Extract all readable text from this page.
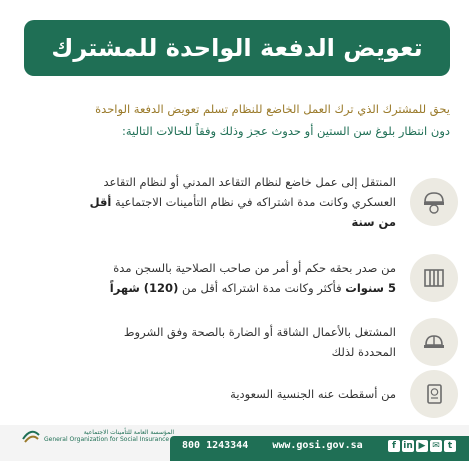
تعويض الدفعة الواحدة للمشترك
يحق للمشترك الذي ترك العمل الخاضع للنظام تسلم تعويض الدفعة الواحدة
دون انتظار بلوغ سن الستين أو حدوث عجز وذلك وفقاً للحالات التالية:
المنتقل إلى عمل خاضع لنظام التقاعد المدني أو لنظام التقاعد
العسكري وكانت مدة اشتراكه في نظام التأمينات الاجتماعية أقل
من سنة
من صدر بحقه حكم أو أمر من صاحب الصلاحية بالسجن مدة
5 سنوات فأكثر وكانت مدة اشتراكه أقل من (120) شهراً
المشتغل بالأعمال الشاقة أو الضارة بالصحة وفق الشروط
المحددة لذلك
من أسقطت عنه الجنسية السعودية
المؤسسة العامة للتأمينات الاجتماعية
General Organization for Social Insurance
800 1243344 www.gosi.gov.sa	in ▶ ✉ t
f
